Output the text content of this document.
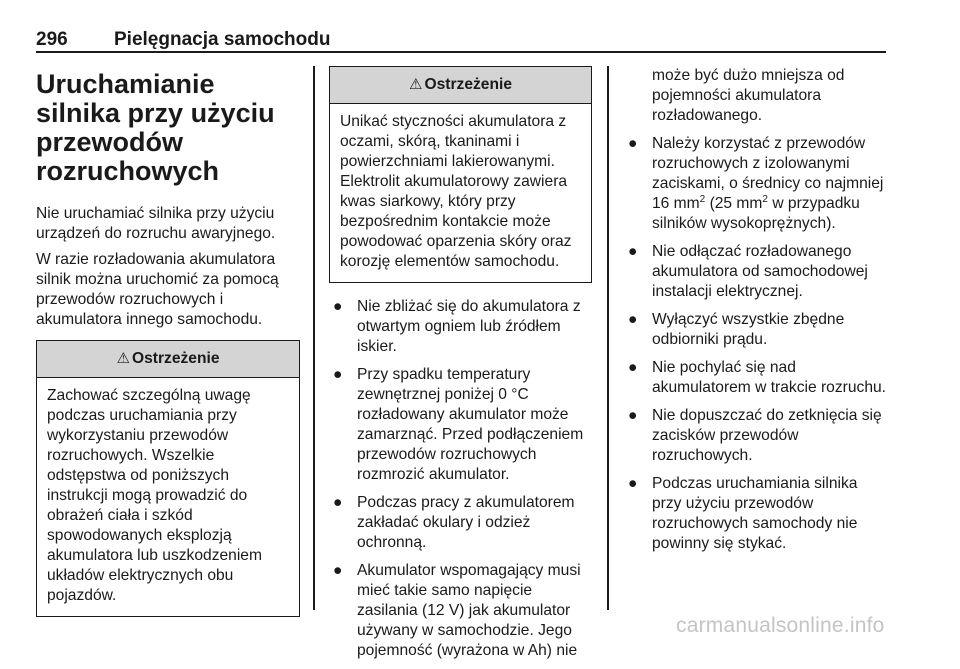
296 Pielęgnacja samochodu
Uruchamianie silnika przy użyciu przewodów rozruchowych

Nie uruchamiać silnika przy użyciu urządzeń do rozruchu awaryjnego.

W razie rozładowania akumulatora silnik można uruchomić za pomocą przewodów rozruchowych i akumulatora innego samochodu.

⚠ Ostrzeżenie
Zachować szczególną uwagę podczas uruchamiania przy wykorzystaniu przewodów rozruchowych. Wszelkie odstępstwa od poniższych instrukcji mogą prowadzić do obrażeń ciała i szkód spowodowanych eksplozją akumulatora lub uszkodzeniem układów elektrycznych obu pojazdów.
⚠ Ostrzeżenie
Unikać styczności akumulatora z oczami, skórą, tkaninami i powierzchniami lakierowanymi. Elektrolit akumulatorowy zawiera kwas siarkowy, który przy bezpośrednim kontakcie może powodować oparzenia skóry oraz korozję elementów samochodu.
● Nie zbliżać się do akumulatora z otwartym ogniem lub źródłem iskier.
● Przy spadku temperatury zewnętrznej poniżej 0 °C rozładowany akumulator może zamarznąć. Przed podłączeniem przewodów rozruchowych rozmrozić akumulator.
● Podczas pracy z akumulatorem zakładać okulary i odzież ochronną.
● Akumulator wspomagający musi mieć takie samo napięcie zasilania (12 V) jak akumulator używany w samochodzie. Jego pojemność (wyrażona w Ah) nie
może być dużo mniejsza od pojemności akumulatora rozładowanego.
● Należy korzystać z przewodów rozruchowych z izolowanymi zaciskami, o średnicy co najmniej 16 $mm^2$ (25 $mm^2$ w przypadku silników wysokoprężnych).
● Nie odłączać rozładowanego akumulatora od samochodowej instalacji elektrycznej.
● Wyłączyć wszystkie zbędne odbiorniki prądu.
● Nie pochylać się nad akumulatorem w trakcie rozruchu.
● Nie dopuszczać do zetknięcia się zacisków przewodów rozruchowych.
● Podczas uruchamiania silnika przy użyciu przewodów rozruchowych samochody nie powinny się stykać.
carmanualsonline.info
